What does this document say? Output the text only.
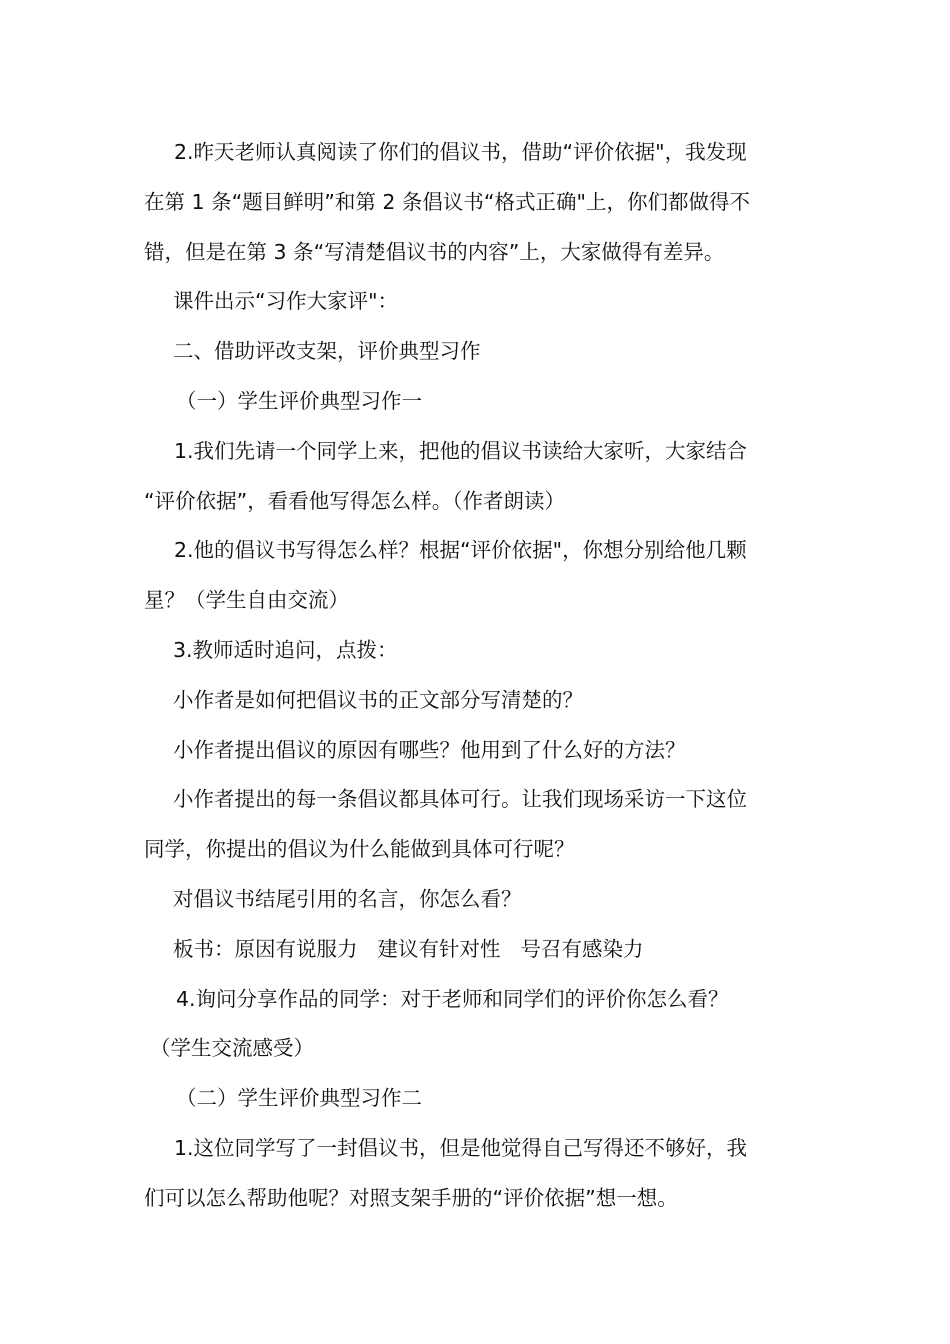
2.昨天老师认真阅读了你们的倡议书，借助“评价依据"，我发现
在第 1 条“题目鲜明”和第 2 条倡议书“格式正确"上，你们都做得不
错，但是在第 3 条“写清楚倡议书的内容”上，大家做得有差异。
课件出示“习作大家评"：
二、借助评改支架，评价典型习作
（一）学生评价典型习作一
1.我们先请一个同学上来，把他的倡议书读给大家听，大家结合
“评价依据”，看看他写得怎么样。（作者朗读）
2.他的倡议书写得怎么样？根据“评价依据"，你想分别给他几颗
星？（学生自由交流）
3.教师适时追问，点拨：
小作者是如何把倡议书的正文部分写清楚的？
小作者提出倡议的原因有哪些？他用到了什么好的方法？
小作者提出的每一条倡议都具体可行。让我们现场采访一下这位
同学，你提出的倡议为什么能做到具体可行呢？
对倡议书结尾引用的名言，你怎么看？
板书：原因有说服力 建议有针对性 号召有感染力
4.询问分享作品的同学：对于老师和同学们的评价你怎么看？
（学生交流感受）
（二）学生评价典型习作二
1.这位同学写了一封倡议书，但是他觉得自己写得还不够好，我
们可以怎么帮助他呢？对照支架手册的“评价依据”想一想。
